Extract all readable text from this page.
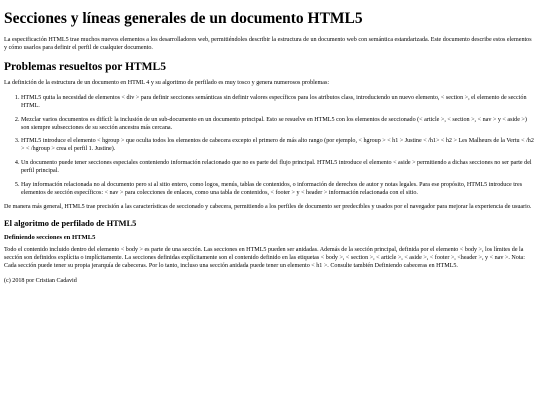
Secciones y líneas generales de un documento HTML5

La especificación HTML5 trae muchos nuevos elementos a los desarrolladores web, permitiéndoles describir la estructura de un documento web con semántica estandarizada. Este documento describe estos elementos y cómo usarlos para definir el perfil de cualquier documento.

Problemas resueltos por HTML5

La definición de la estructura de un documento en HTML 4 y su algoritmo de perfilado es muy tosco y genera numerosos problemas:

1. HTML5 quita la necesidad de elementos < div > para definir secciones semánticas sin definir valores específicos para los atributos class, introduciendo un nuevo elemento, < section >, el elemento de sección HTML.
2. Mezclar varios documentos es difícil: la inclusión de un sub-documento en un documento principal. Esto se resuelve en HTML5 con los elementos de seccionado (< article >, < section >, < nav > y < aside >) son siempre subsecciones de su sección ancestra más cercana.
3. HTML5 introduce el elemento < hgroup > que oculta todos los elementos de cabecera excepto el primero de más alto rango (por ejemplo, < hgroup > < h1 > Justine < /h1> < h2 > Les Malheurs de la Vertu < /h2 > < /hgroup > crea el perfil 1. Justine).
4. Un documento puede tener secciones especiales conteniendo información relacionado que no es parte del flujo principal. HTML5 introduce el elemento < aside > permitiendo a dichas secciones no ser parte del perfil principal.
5. Hay información relacionada no al documento pero si al sitio entero, como logos, menús, tablas de contenidos, o información de derechos de autor y notas legales. Para ese propósito, HTML5 introduce tres elementos de sección específicos: < nav > para colecciones de enlaces, como una tabla de contenidos, < footer > y < header > información relacionada con el sitio.

De manera más general, HTML5 trae precisión a las características de seccionado y cabecera, permitiendo a los perfiles de documento ser predecibles y usados por el navegador para mejorar la experiencia de usuario.

El algoritmo de perfilado de HTML5
Definiendo secciones en HTML5

Todo el contenido incluido dentro del elemento < body > es parte de una sección. Las secciones en HTML5 pueden ser anidadas. Además de la sección principal, definida por el elemento < body >, los límites de la sección son definidos explícita o implícitamente. La secciones definidas explícitamente son el contenido definido en las etiquetas < body >, < section >, < article >, < aside >, < footer >, <header >, y < nav >. Nota: Cada sección puede tener su propia jerarquía de cabeceras. Por lo tanto, incluso una sección anidada puede tener un elemento < h1 >. Consulte también Definiendo cabeceras en HTML5.

(c) 2018 por Cristian Cadavid
